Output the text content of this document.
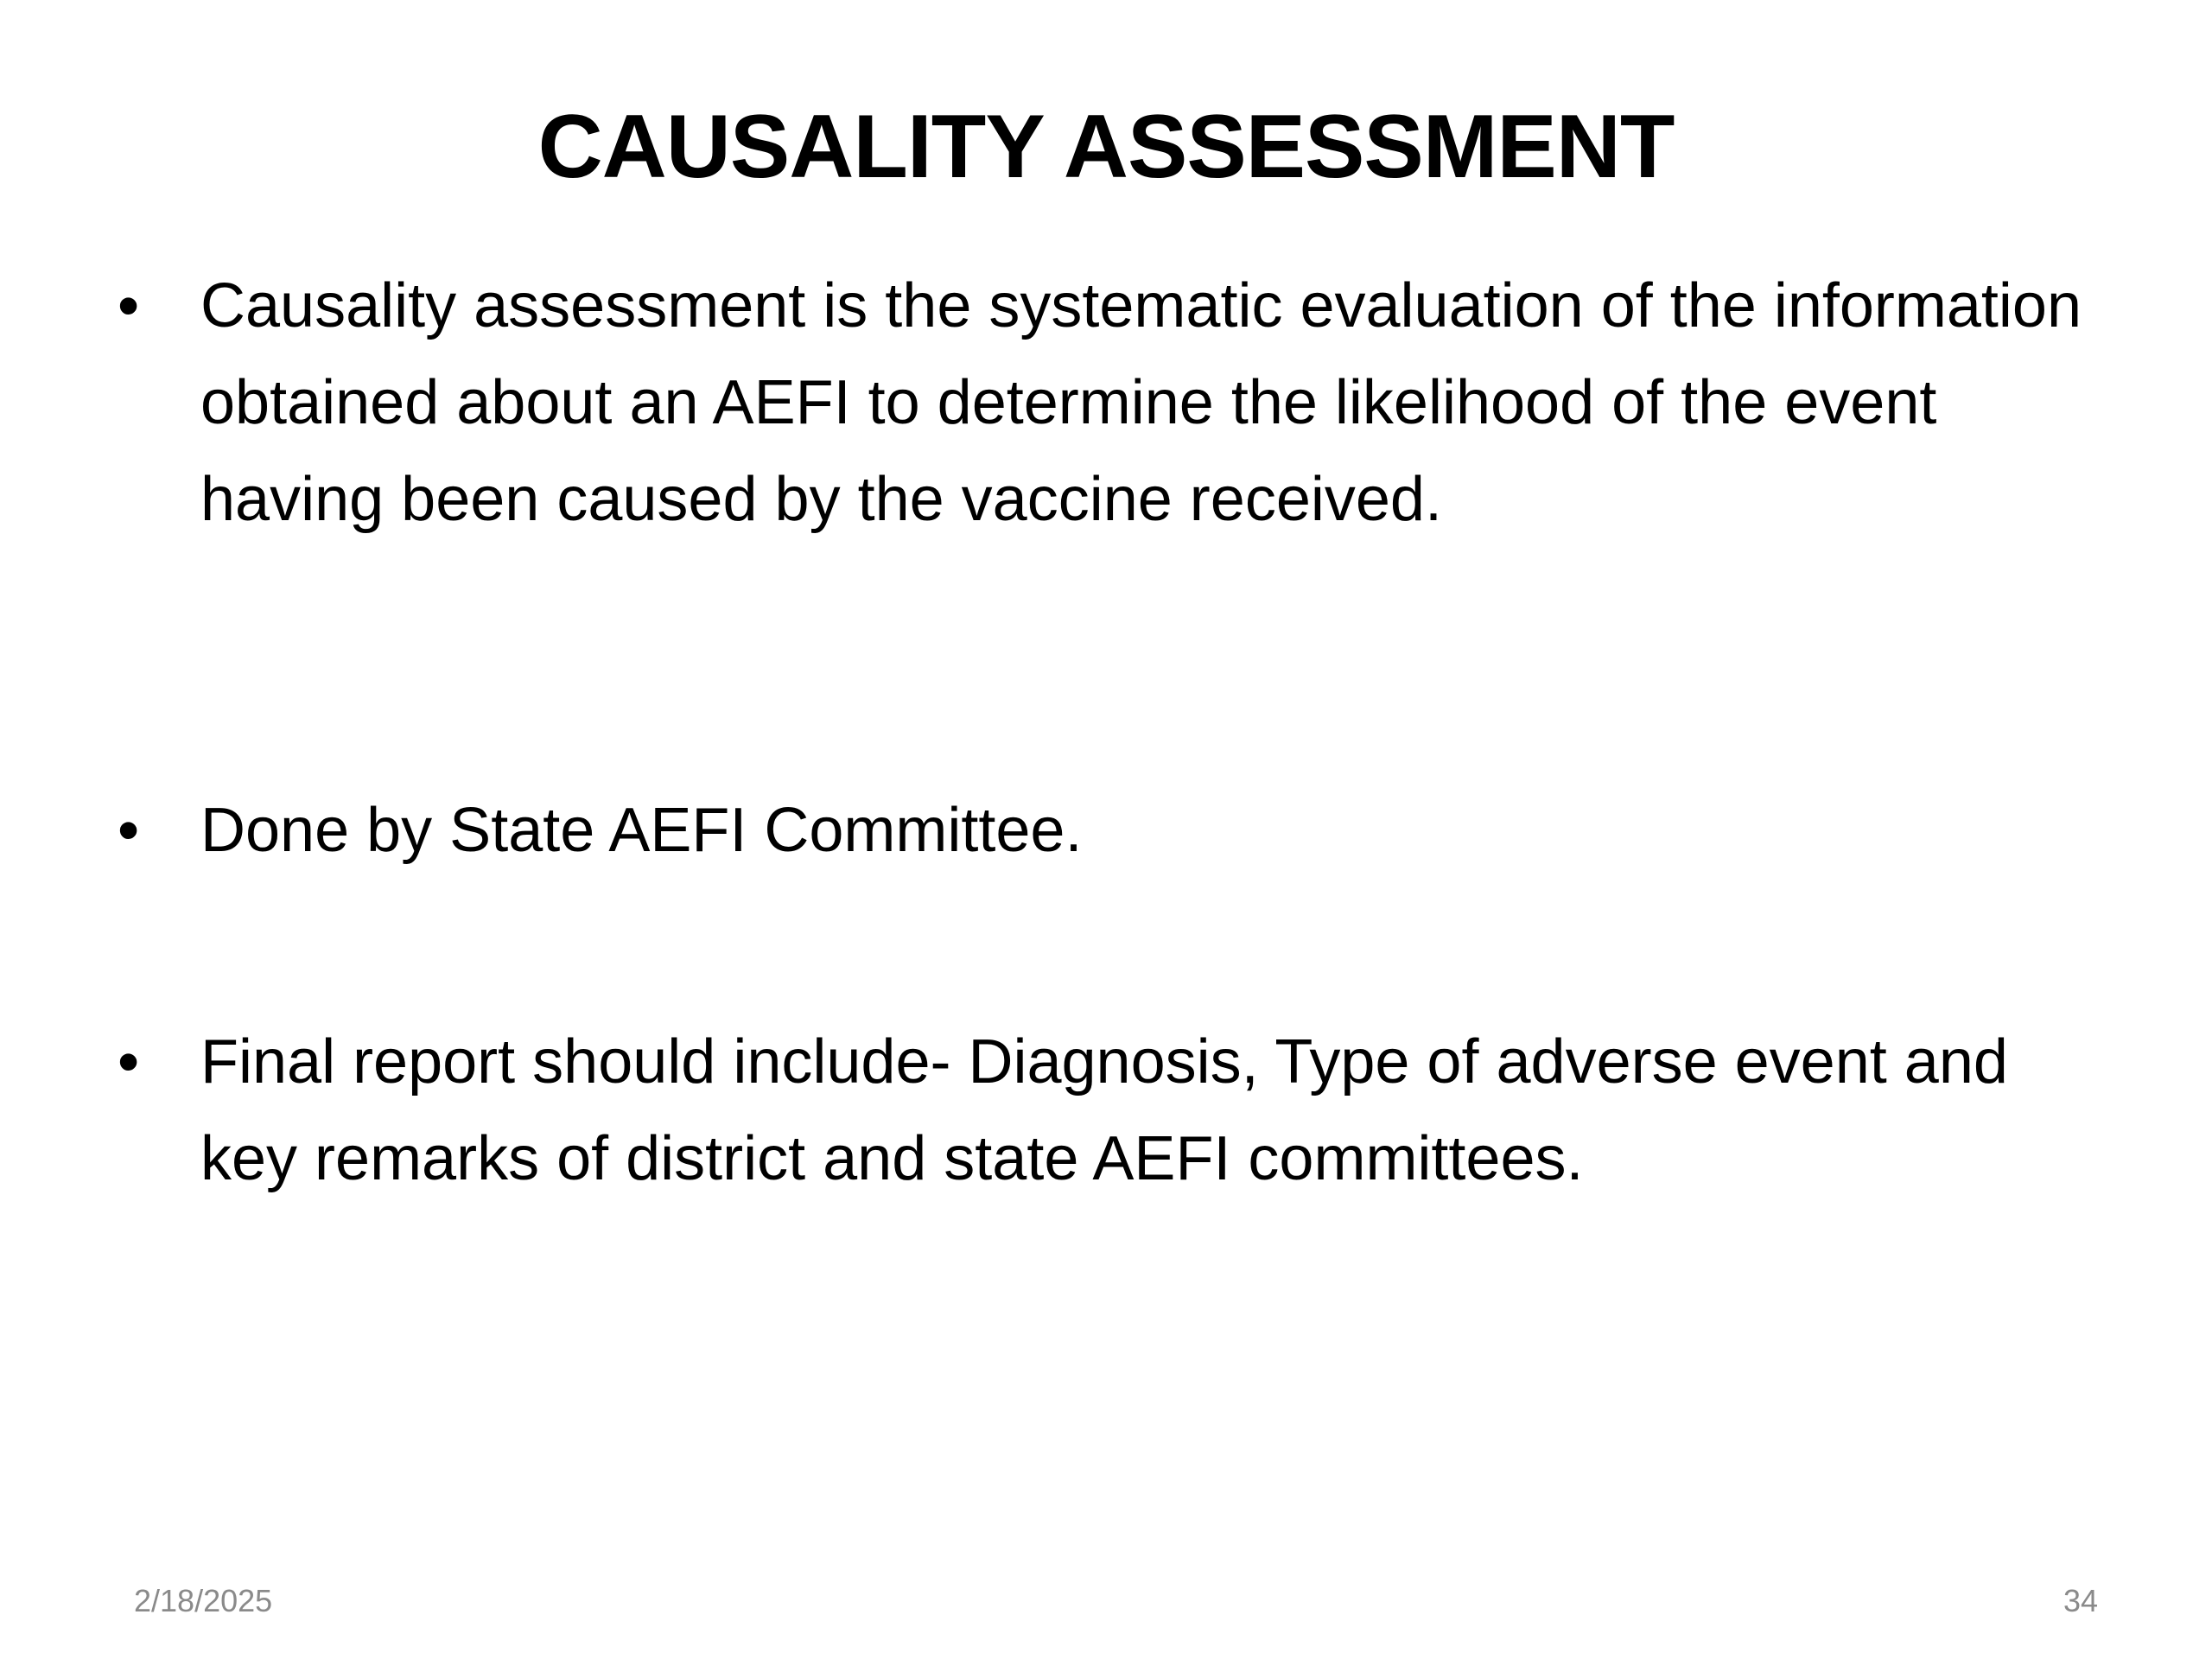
CAUSALITY ASSESSMENT
• Causality assessment is the systematic evaluation of the information obtained about an AEFI to determine the likelihood of the event having been caused by the vaccine received.
• Done by State AEFI Committee.
• Final report should include- Diagnosis, Type of adverse event and key remarks of district and state AEFI committees.
2/18/2025	34
